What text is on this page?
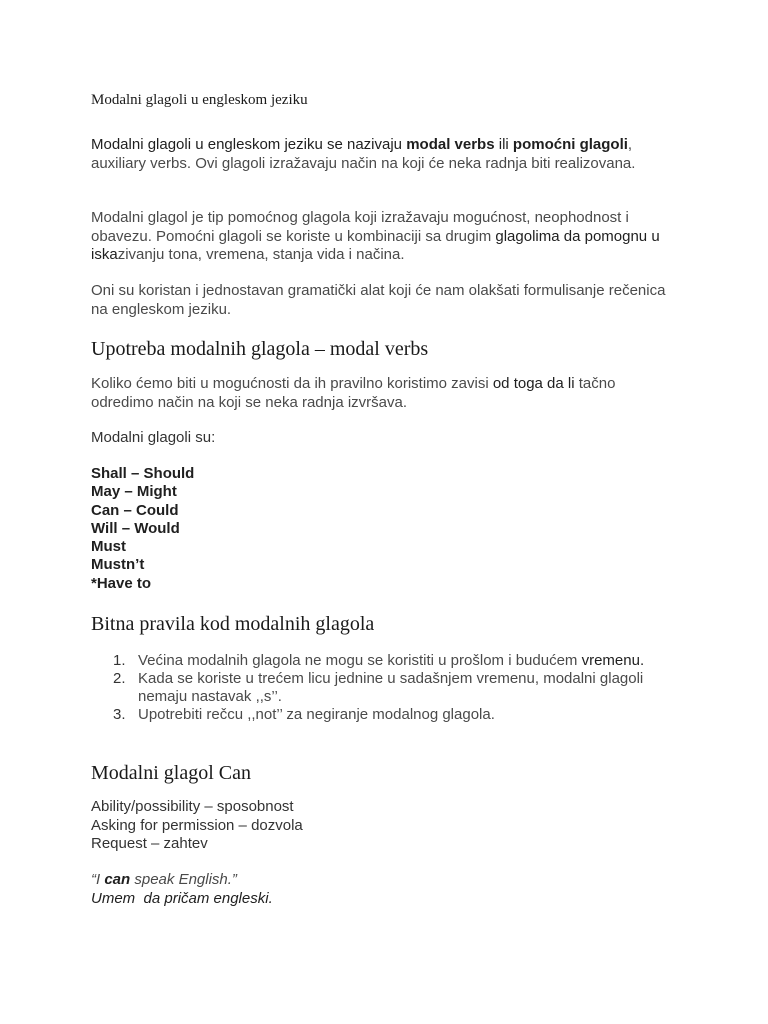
Modalni glagoli u engleskom jeziku
Modalni glagoli u engleskom jeziku se nazivaju modal verbs ili pomoćni glagoli, auxiliary verbs. Ovi glagoli izražavaju način na koji će neka radnja biti realizovana.
Modalni glagol je tip pomoćnog glagola koji izražavaju mogućnost, neophodnost i obavezu. Pomoćni glagoli se koriste u kombinaciji sa drugim glagolima da pomognu u iskazivanju tona, vremena, stanja vida i načina.
Oni su koristan i jednostavan gramatički alat koji će nam olakšati formulisanje rečenica na engleskom jeziku.
Upotreba modalnih glagola – modal verbs
Koliko ćemo biti u mogućnosti da ih pravilno koristimo zavisi od toga da li tačno odredimo način na koji se neka radnja izvršava.
Modalni glagoli su:
Shall – Should
May – Might
Can – Could
Will – Would
Must
Mustn’t
*Have to
Bitna pravila kod modalnih glagola
1. Većina modalnih glagola ne mogu se koristiti u prošlom i budućem vremenu.
2. Kada se koriste u trećem licu jednine u sadašnjem vremenu, modalni glagoli nemaju nastavak ,,s’’.
3. Upotrebiti rečcu ,,not’’ za negiranje modalnog glagola.
Modalni glagol Can
Ability/possibility – sposobnost
Asking for permission – dozvola
Request – zahtev
“I can speak English.”
Umem  da pričam engleski.
